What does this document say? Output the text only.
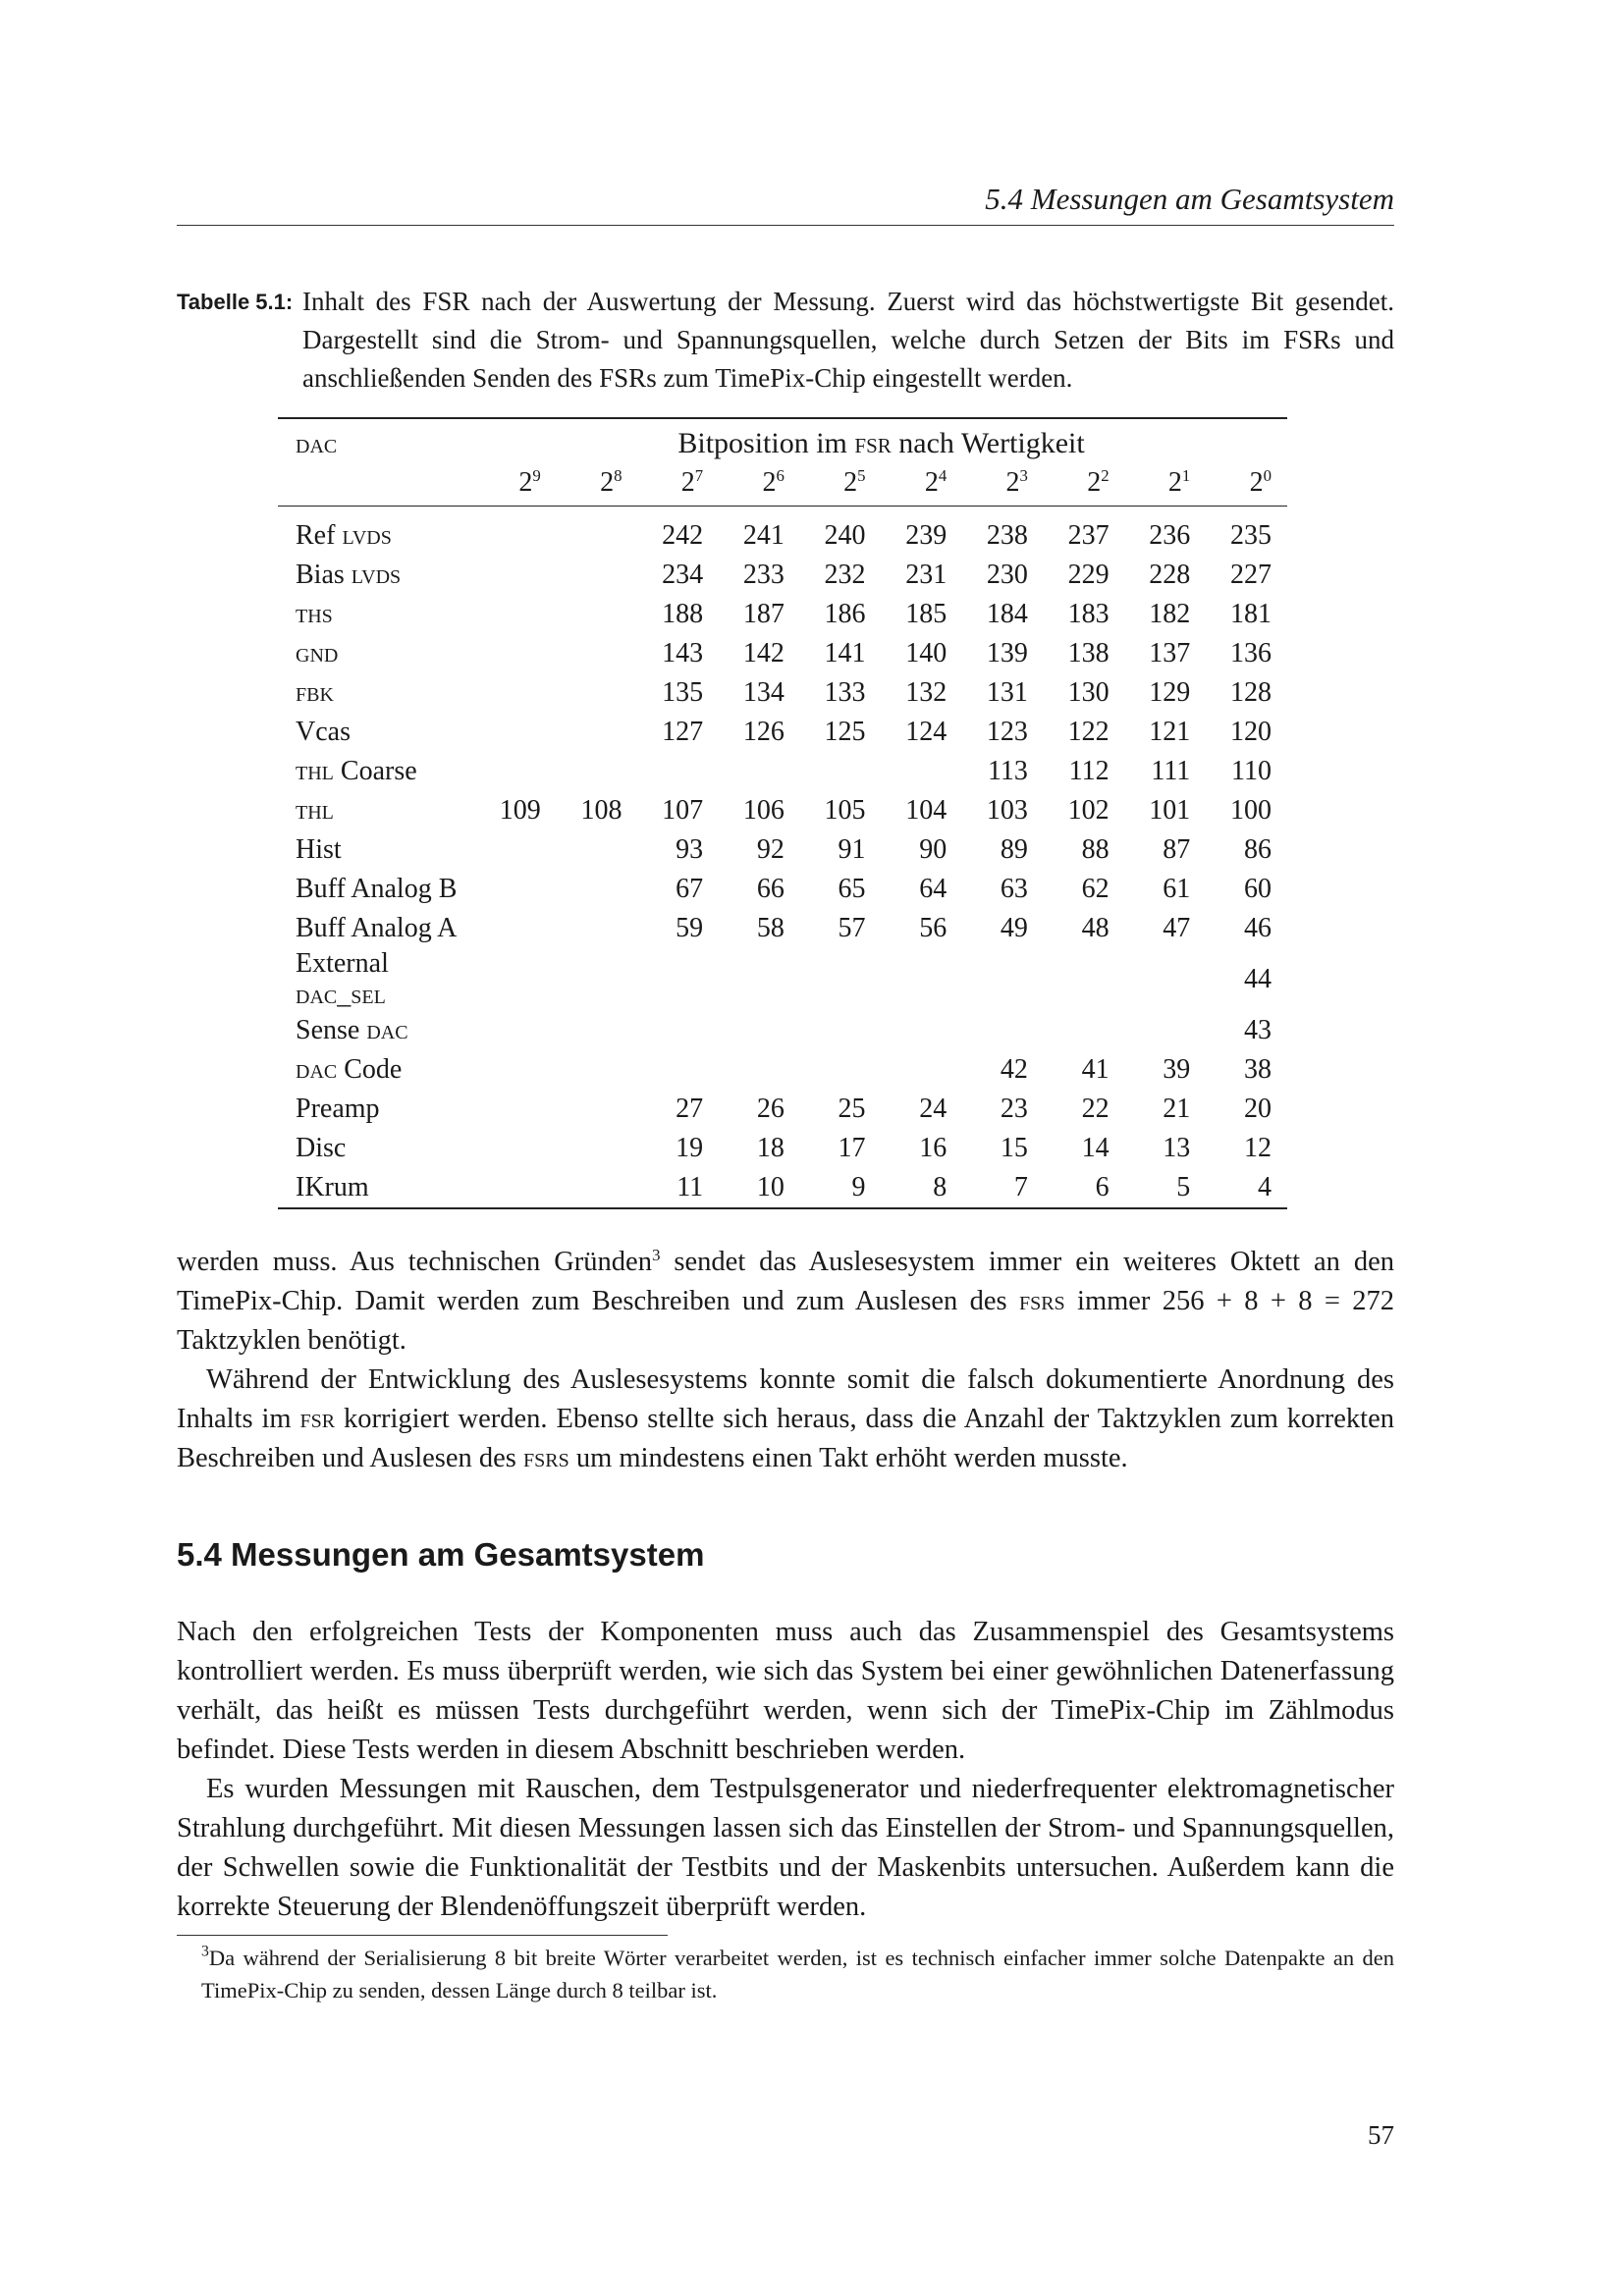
5.4 Messungen am Gesamtsystem
Tabelle 5.1: Inhalt des FSR nach der Auswertung der Messung. Zuerst wird das höchstwertigste Bit gesendet. Dargestellt sind die Strom- und Spannungsquellen, welche durch Setzen der Bits im FSRs und anschließenden Senden des FSRs zum TimePix-Chip eingestellt werden.

dac	Bitposition im fsr nach Wertigkeit									
	$2^9$	$2^8$	$2^7$	$2^6$	$2^5$	$2^4$	$2^3$	$2^2$	$2^1$	$2^0$

Ref lvds			242	241	240	239	238	237	236	235
Bias lvds			234	233	232	231	230	229	228	227
ths			188	187	186	185	184	183	182	181
gnd			143	142	141	140	139	138	137	136
fbk			135	134	133	132	131	130	129	128
Vcas			127	126	125	124	123	122	121	120
thl Coarse							113	112	111	110
thl	109	108	107	106	105	104	103	102	101	100
Hist			93	92	91	90	89	88	87	86
Buff Analog B			67	66	65	64	63	62	61	60
Buff Analog A			59	58	57	56	49	48	47	46
External dac_sel										44
Sense dac										43
dac Code							42	41	39	38
Preamp			27	26	25	24	23	22	21	20
Disc			19	18	17	16	15	14	13	12
IKrum			11	10	9	8	7	6	5	4

werden muss. Aus technischen Gründen$^3$ sendet das Auslesesystem immer ein weiteres Oktett an den TimePix-Chip. Damit werden zum Beschreiben und zum Auslesen des fsrs immer 256 + 8 + 8 = 272 Taktzyklen benötigt.

Während der Entwicklung des Auslesesystems konnte somit die falsch dokumentierte Anordnung des Inhalts im fsr korrigiert werden. Ebenso stellte sich heraus, dass die Anzahl der Taktzyklen zum korrekten Beschreiben und Auslesen des fsrs um mindestens einen Takt erhöht werden musste.

5.4 Messungen am Gesamtsystem

Nach den erfolgreichen Tests der Komponenten muss auch das Zusammenspiel des Gesamtsystems kontrolliert werden. Es muss überprüft werden, wie sich das System bei einer gewöhnlichen Datenerfassung verhält, das heißt es müssen Tests durchgeführt werden, wenn sich der TimePix-Chip im Zählmodus befindet. Diese Tests werden in diesem Abschnitt beschrieben werden.

Es wurden Messungen mit Rauschen, dem Testpulsgenerator und niederfrequenter elektromagnetischer Strahlung durchgeführt. Mit diesen Messungen lassen sich das Einstellen der Strom- und Spannungsquellen, der Schwellen sowie die Funktionalität der Testbits und der Maskenbits untersuchen. Außerdem kann die korrekte Steuerung der Blendenöffungszeit überprüft werden.

$^3$Da während der Serialisierung 8 bit breite Wörter verarbeitet werden, ist es technisch einfacher immer solche Datenpakte an den TimePix-Chip zu senden, dessen Länge durch 8 teilbar ist.
57
